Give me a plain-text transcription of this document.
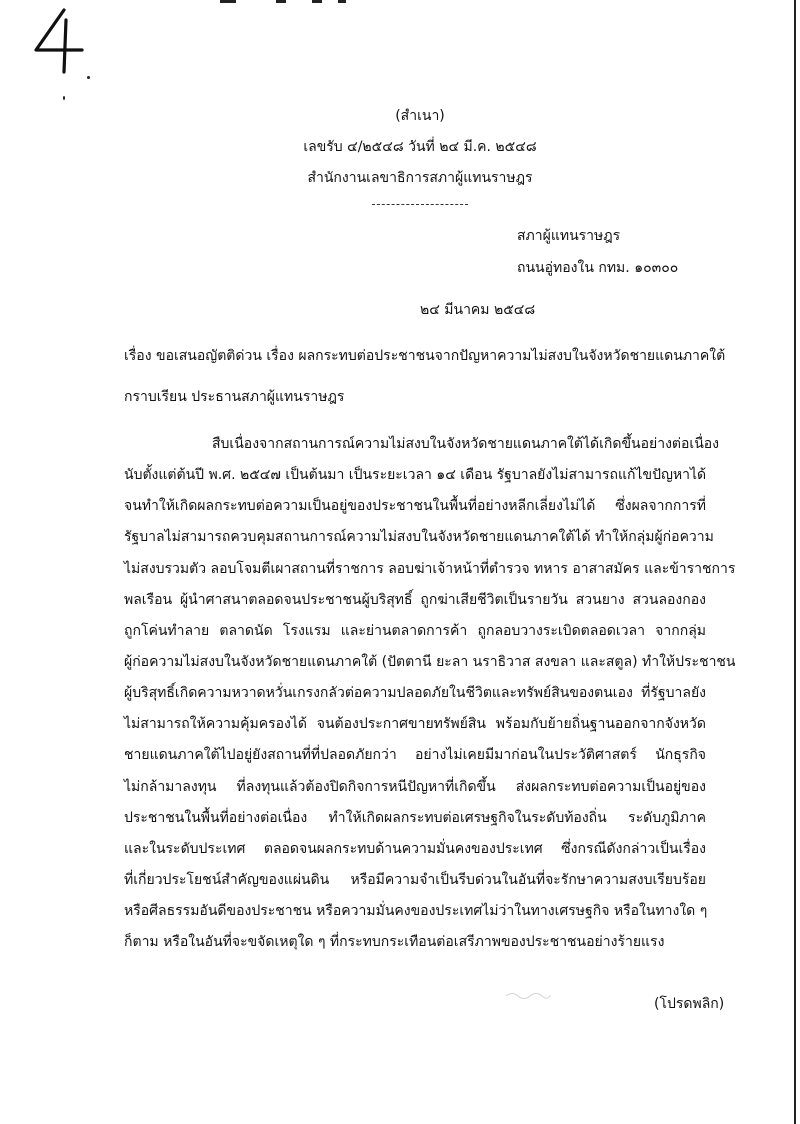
(สำเนา)
เลขรับ ๔/๒๕๔๘ วันที่ ๒๔ มี.ค. ๒๕๔๘
สำนักงานเลขาธิการสภาผู้แทนราษฎร
สภาผู้แทนราษฎร
ถนนอู่ทองใน กทม. ๑๐๓๐๐
๒๔ มีนาคม ๒๕๔๘
เรื่อง ขอเสนอญัตติด่วน เรื่อง ผลกระทบต่อประชาชนจากปัญหาความไม่สงบในจังหวัดชายแดนภาคใต้
กราบเรียน ประธานสภาผู้แทนราษฎร
สืบเนื่องจากสถานการณ์ความไม่สงบในจังหวัดชายแดนภาคใต้ได้เกิดขึ้นอย่างต่อเนื่อง
นับตั้งแต่ต้นปี พ.ศ. ๒๕๔๗ เป็นต้นมา เป็นระยะเวลา ๑๔ เดือน รัฐบาลยังไม่สามารถแก้ไขปัญหาได้
จนทำให้เกิดผลกระทบต่อความเป็นอยู่ของประชาชนในพื้นที่อย่างหลีกเลี่ยงไม่ได้ ซึ่งผลจากการที่
รัฐบาลไม่สามารถควบคุมสถานการณ์ความไม่สงบในจังหวัดชายแดนภาคใต้ได้ ทำให้กลุ่มผู้ก่อความ
ไม่สงบรวมตัว ลอบโจมตีเผาสถานที่ราชการ ลอบฆ่าเจ้าหน้าที่ตำรวจ ทหาร อาสาสมัคร และข้าราชการ
พลเรือน ผู้นำศาสนาตลอดจนประชาชนผู้บริสุทธิ์ ถูกฆ่าเสียชีวิตเป็นรายวัน สวนยาง สวนลองกอง
ถูกโค่นทำลาย ตลาดนัด โรงแรม และย่านตลาดการค้า ถูกลอบวางระเบิดตลอดเวลา จากกลุ่ม
ผู้ก่อความไม่สงบในจังหวัดชายแดนภาคใต้ (ปัตตานี ยะลา นราธิวาส สงขลา และสตูล) ทำให้ประชาชน
ผู้บริสุทธิ์เกิดความหวาดหวั่นเกรงกลัวต่อความปลอดภัยในชีวิตและทรัพย์สินของตนเอง ที่รัฐบาลยัง
ไม่สามารถให้ความคุ้มครองได้ จนต้องประกาศขายทรัพย์สิน พร้อมกับย้ายถิ่นฐานออกจากจังหวัด
ชายแดนภาคใต้ไปอยู่ยังสถานที่ที่ปลอดภัยกว่า อย่างไม่เคยมีมาก่อนในประวัติศาสตร์ นักธุรกิจ
ไม่กล้ามาลงทุน ที่ลงทุนแล้วต้องปิดกิจการหนีปัญหาที่เกิดขึ้น ส่งผลกระทบต่อความเป็นอยู่ของ
ประชาชนในพื้นที่อย่างต่อเนื่อง ทำให้เกิดผลกระทบต่อเศรษฐกิจในระดับท้องถิ่น ระดับภูมิภาค
และในระดับประเทศ ตลอดจนผลกระทบด้านความมั่นคงของประเทศ ซึ่งกรณีดังกล่าวเป็นเรื่อง
ที่เกี่ยวประโยชน์สำคัญของแผ่นดิน หรือมีความจำเป็นรีบด่วนในอันที่จะรักษาความสงบเรียบร้อย
หรือศีลธรรมอันดีของประชาชน หรือความมั่นคงของประเทศไม่ว่าในทางเศรษฐกิจ หรือในทางใด ๆ
ก็ตาม หรือในอันที่จะขจัดเหตุใด ๆ ที่กระทบกระเทือนต่อเสรีภาพของประชาชนอย่างร้ายแรง
(โปรดพลิก)
